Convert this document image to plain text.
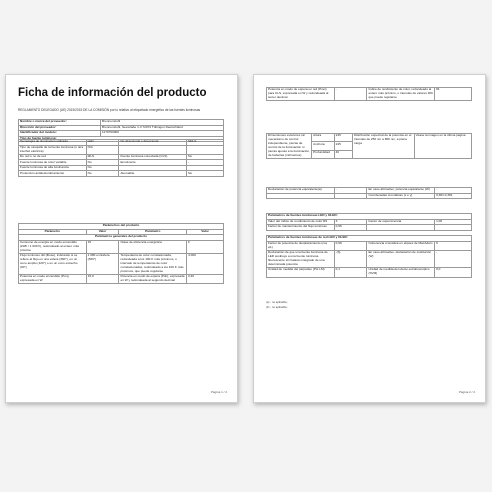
Ficha de información del producto
REGLAMENTO DELEGADO (UE) 2019/2015 DE LA COMISIÓN por lo relativo al etiquetado energético de las fuentes luminosas
Nombre o marca del proveedor:	Brennenstuhl
Dirección del proveedor:	Brennenstuhl, Seestraße 1-3 72074 Tübingen Deutschland
Identificador del modelo:	1170700000
Tipo de fuente luminosa:	
Tecnología de iluminación utilizada	LED	No direccional o direccional	NDLS
Tipo de casquillo de la fuente luminosa (u otra interfaz eléctrica)	N/A		
De red o no de red	MLS	Fuente luminosa conectada (CLS)	No
Fuente luminosa de color variable	No	Envolvente	-
Fuente luminosa de alta luminancia	No		
Protección antideslumbramiento	No	Atenuable	No
Parámetros del producto			
Parámetro	Valor	Parámetro	Valor
Parámetros generales del producto			
Consumo de energía en modo encendido (kWh / 1 000 h), redondeado al entero más próximo	15	Clase de eficiencia energética	F
Flujo luminoso útil (Φuse), indicando si se refiere al flujo en una esfera (360°), en un cono amplio (120°) o en un cono estrecho (90°)	1 680 en Esfera (360°)	Temperatura de color correlacionada, redondeada a los 100 K más próximos, o intervalo de temperaturas de color correlacionadas, redondeado a los 100 K más próximos, que puede regularse	4 000
Potencia en modo encendido (Pon), expresada en W	15,0	Potencia en modo de espera (Psb), expresada en W y redondeada al segundo decimal	0,40
Página 1 / 2
Potencia en modo de espera en red (Pnet) para CLS, expresada en W y redondeada al tercer decimal	-	Índice de rendimiento de color, redondeado al entero más próximo, o intervalo de valores IRC que puede regularse	81
Dimensiones exteriores sin mecanismo de control independiente, piezas de control de la iluminación ni piezas ajenas a la iluminación, de haberlas (milímetros)	Altura	245	Distribución espectral de la potencia en el intervalo de 250 nm a 800 nm, a plena carga	Véase la imagen en la última página
	Anchura	245		
	Profundidad	40		
Declaración de potencia equivalente(a)	-	En caso afirmativo, potencia equivalente (W)	-
		Coordenadas cromáticas (x e y)	0,381 0,381
Parámetros de fuentes luminosas LED y OLED:			
Valor del índice de rendimiento de color R9	3	Factor de supervivencia	1,00
Factor de mantenimiento del flujo luminoso	0,96		
Parámetros de fuentes luminosas de red LED y OLED:			
Factor de potencia de desplazamiento (cos φ1)	0,99	Coherencia cromática en elipses de MacAdam	6
Declaración de que una fuente luminosa de LED sustituye a una fuente luminosa fluorescente sin balasto integrado de una determinada potencia	-(b)	En caso afirmativo, declaración de sustitución (W)	-
Unidad de medida del parpadeo (Pst LM)	0,1	Unidad de medida del efecto estroboscópico (SVM)	0,0
(a) - no aplicable;
(b) - no aplicable;
Página 2 / 2
